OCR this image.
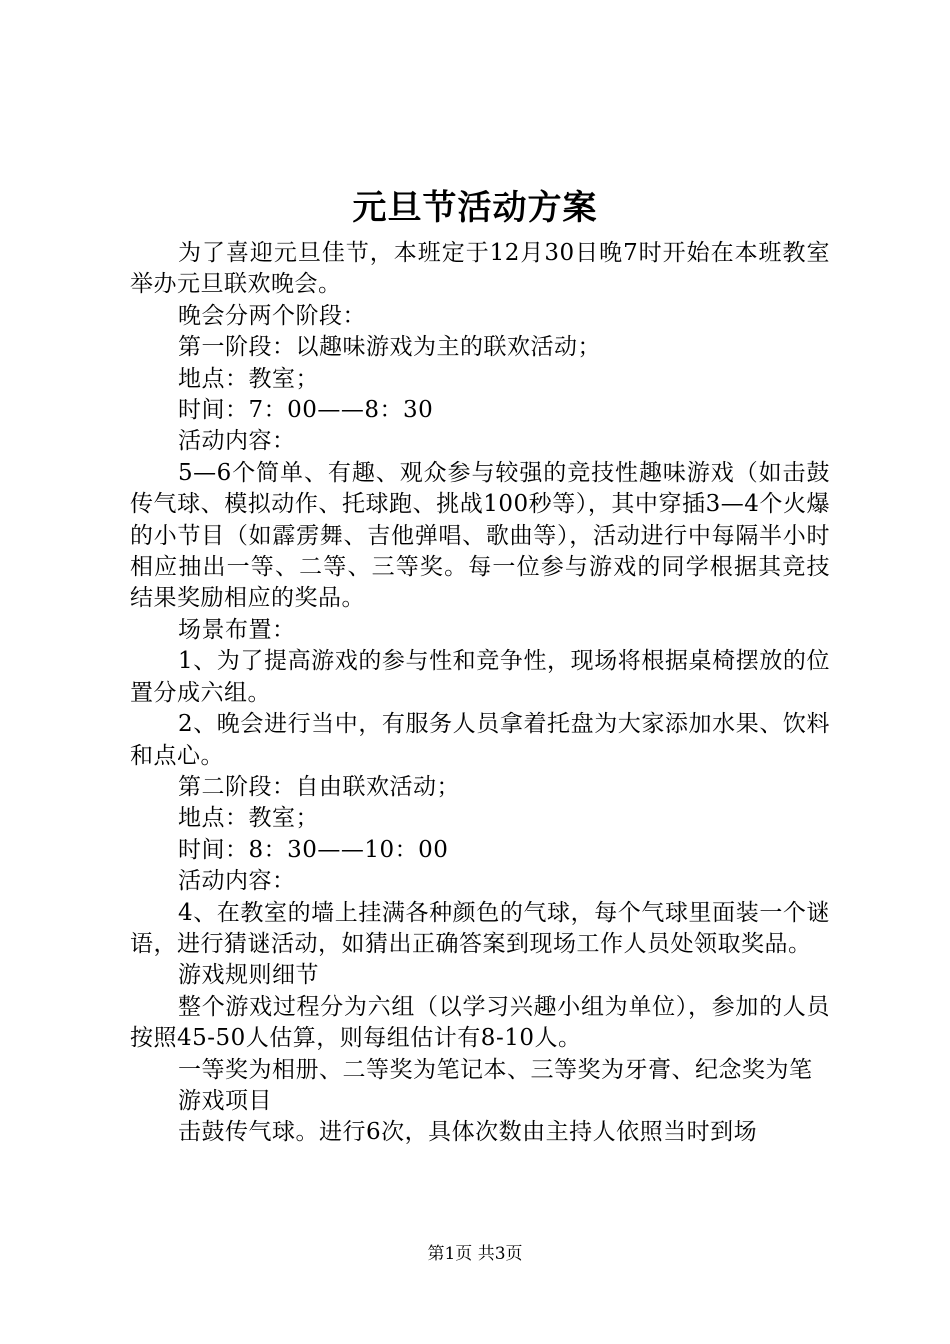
元旦节活动方案

为了喜迎元旦佳节，本班定于12月30日晚7时开始在本班教室举办元旦联欢晚会。

晚会分两个阶段：

第一阶段：以趣味游戏为主的联欢活动；

地点：教室；

时间：7：00——8：30

活动内容：

5—6个简单、有趣、观众参与较强的竞技性趣味游戏（如击鼓传气球、模拟动作、托球跑、挑战100秒等），其中穿插3—4个火爆的小节目（如霹雳舞、吉他弹唱、歌曲等），活动进行中每隔半小时相应抽出一等、二等、三等奖。每一位参与游戏的同学根据其竞技结果奖励相应的奖品。

场景布置：

1、为了提高游戏的参与性和竞争性，现场将根据桌椅摆放的位置分成六组。

2、晚会进行当中，有服务人员拿着托盘为大家添加水果、饮料和点心。

第二阶段：自由联欢活动；

地点：教室；

时间：8：30——10：00

活动内容：

4、在教室的墙上挂满各种颜色的气球，每个气球里面装一个谜语，进行猜谜活动，如猜出正确答案到现场工作人员处领取奖品。

游戏规则细节

整个游戏过程分为六组（以学习兴趣小组为单位），参加的人员按照45-50人估算，则每组估计有8-10人。

一等奖为相册、二等奖为笔记本、三等奖为牙膏、纪念奖为笔

游戏项目

击鼓传气球。进行6次，具体次数由主持人依照当时到场

第1页 共3页
